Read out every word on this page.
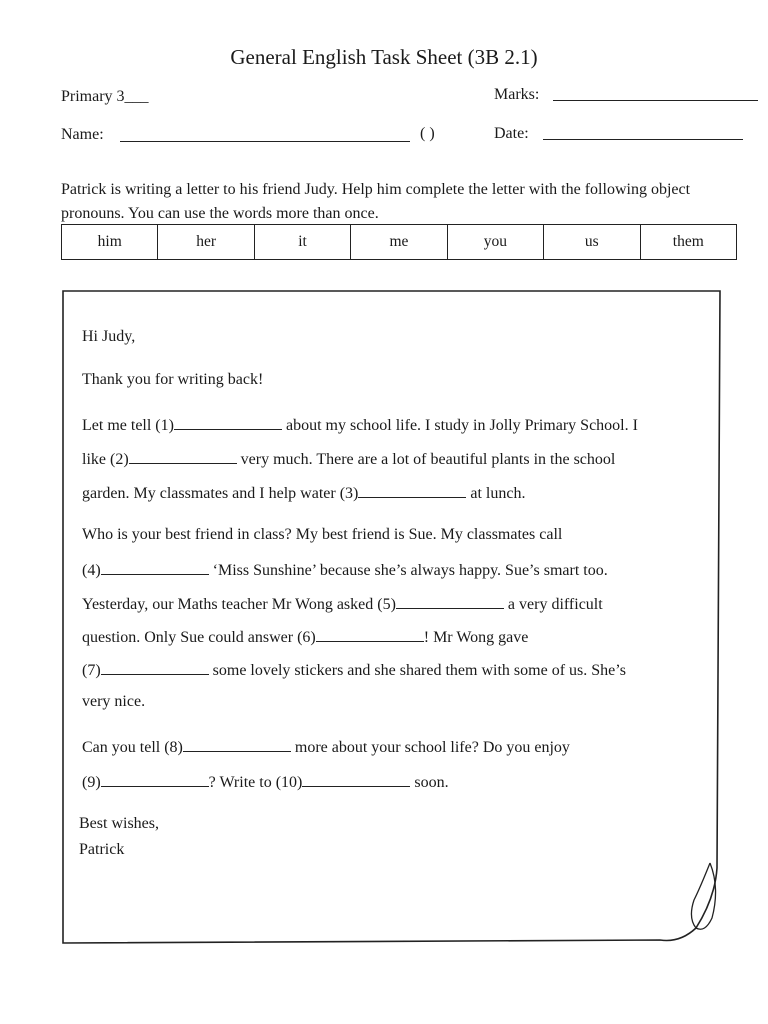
General English Task Sheet (3B 2.1)
Primary 3___	Marks:
Name:	( )	Date:
Patrick is writing a letter to his friend Judy. Help him complete the letter with the following object pronouns. You can use the words more than once.
him	her	it	me	you	us	them
Hi Judy,
Thank you for writing back!
Let me tell (1)	about my school life. I study in Jolly Primary School. I
like (2)	very much. There are a lot of beautiful plants in the school
garden. My classmates and I help water (3)	at lunch.
Who is your best friend in class? My best friend is Sue. My classmates call
(4)	‘Miss Sunshine’ because she’s always happy. Sue’s smart too.
Yesterday, our Maths teacher Mr Wong asked (5)	a very difficult
question. Only Sue could answer (6)	! Mr Wong gave
(7)	some lovely stickers and she shared them with some of us. She’s
very nice.
Can you tell (8)	more about your school life? Do you enjoy
(9)	? Write to (10)	soon.
Best wishes,
Patrick
